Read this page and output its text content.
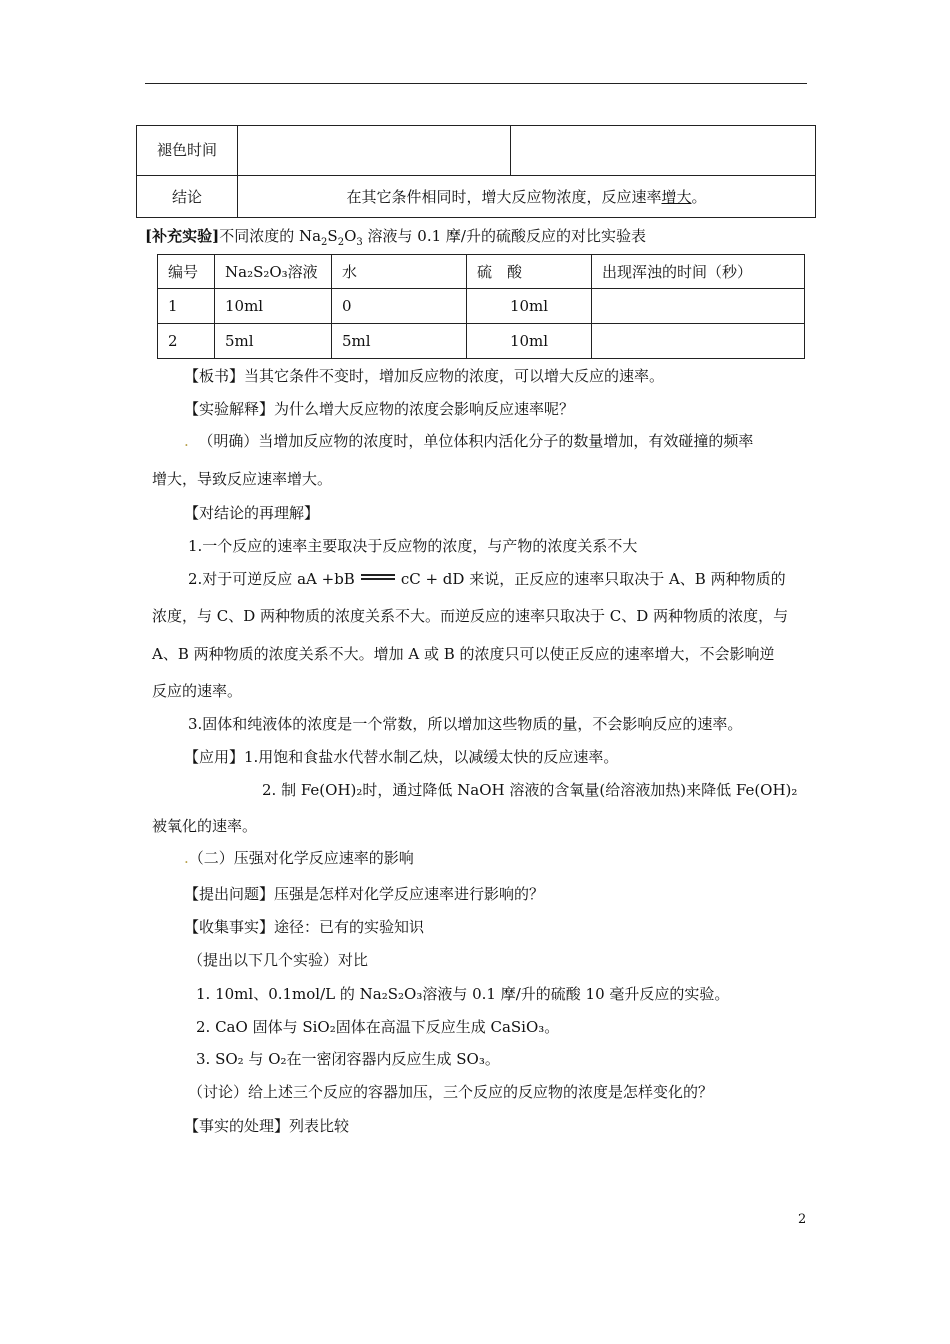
褪色时间		
结论	在其它条件相同时，增大反应物浓度，反应速率增大。	
[补充实验]不同浓度的 $Na_2S_2O_3$ 溶液与 0.1 摩/升的硫酸反应的对比实验表
编号	Na₂S₂O₃溶液	水	硫　酸	出现浑浊的时间（秒）
1	10ml	0	10ml	
2	5ml	5ml	10ml	
【板书】当其它条件不变时，增加反应物的浓度，可以增大反应的速率。
【实验解释】为什么增大反应物的浓度会影响反应速率呢？
. （明确）当增加反应物的浓度时，单位体积内活化分子的数量增加，有效碰撞的频率
增大，导致反应速率增大。
【对结论的再理解】
1.一个反应的速率主要取决于反应物的浓度，与产物的浓度关系不大
2.对于可逆反应 aA +bB	cC + dD 来说，正反应的速率只取决于 A、B 两种物质的
浓度，与 C、D 两种物质的浓度关系不大。而逆反应的速率只取决于 C、D 两种物质的浓度，与
A、B 两种物质的浓度关系不大。增加 A 或 B 的浓度只可以使正反应的速率增大，不会影响逆
反应的速率。
3.固体和纯液体的浓度是一个常数，所以增加这些物质的量，不会影响反应的速率。
【应用】1.用饱和食盐水代替水制乙炔，以减缓太快的反应速率。
2. 制 Fe(OH)₂时，通过降低 NaOH 溶液的含氧量(给溶液加热)来降低 Fe(OH)₂
被氧化的速率。
.（二）压强对化学反应速率的影响
【提出问题】压强是怎样对化学反应速率进行影响的？
【收集事实】途径：已有的实验知识
（提出以下几个实验）对比
1. 10ml、0.1mol/L 的 Na₂S₂O₃溶液与 0.1 摩/升的硫酸 10 毫升反应的实验。
2. CaO 固体与 SiO₂固体在高温下反应生成 CaSiO₃。
3. SO₂ 与 O₂在一密闭容器内反应生成 SO₃。
（讨论）给上述三个反应的容器加压，三个反应的反应物的浓度是怎样变化的？
【事实的处理】列表比较
2
